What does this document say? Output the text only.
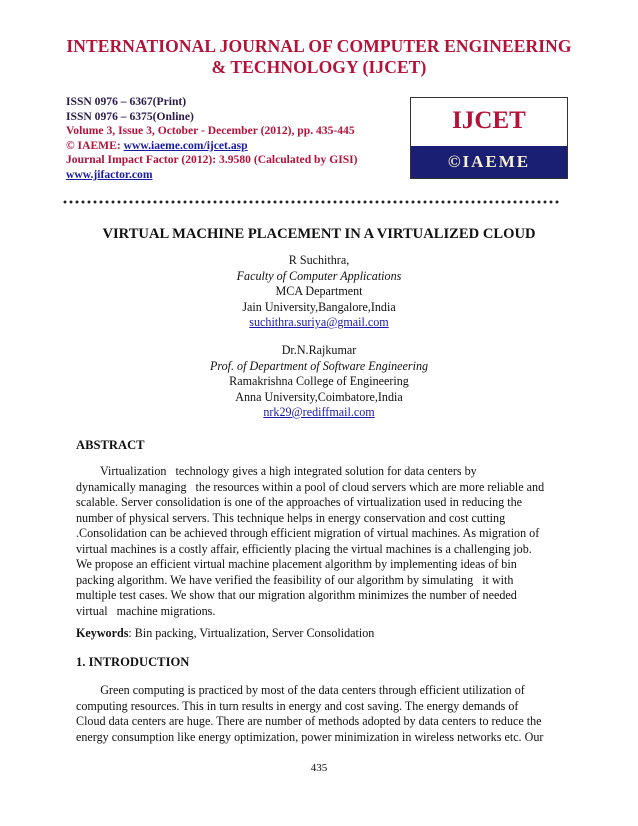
INTERNATIONAL JOURNAL OF COMPUTER ENGINEERING
& TECHNOLOGY (IJCET)
ISSN 0976 – 6367(Print)
ISSN 0976 – 6375(Online)
Volume 3, Issue 3, October - December (2012), pp. 435-445
© IAEME: www.iaeme.com/ijcet.asp
Journal Impact Factor (2012): 3.9580 (Calculated by GISI)
www.jifactor.com
IJCET
©IAEME
VIRTUAL MACHINE PLACEMENT IN A VIRTUALIZED CLOUD
R Suchithra,
Faculty of Computer Applications
MCA Department
Jain University,Bangalore,India
suchithra.suriya@gmail.com
Dr.N.Rajkumar
Prof. of Department of Software Engineering
Ramakrishna College of Engineering
Anna University,Coimbatore,India
nrk29@rediffmail.com
ABSTRACT
Virtualization   technology gives a high integrated solution for data centers by
dynamically managing   the resources within a pool of cloud servers which are more reliable and
scalable. Server consolidation is one of the approaches of virtualization used in reducing the
number of physical servers. This technique helps in energy conservation and cost cutting
.Consolidation can be achieved through efficient migration of virtual machines. As migration of
virtual machines is a costly affair, efficiently placing the virtual machines is a challenging job.
We propose an efficient virtual machine placement algorithm by implementing ideas of bin
packing algorithm. We have verified the feasibility of our algorithm by simulating   it with
multiple test cases. We show that our migration algorithm minimizes the number of needed
virtual   machine migrations.
Keywords: Bin packing, Virtualization, Server Consolidation
1. INTRODUCTION
Green computing is practiced by most of the data centers through efficient utilization of
computing resources. This in turn results in energy and cost saving. The energy demands of
Cloud data centers are huge. There are number of methods adopted by data centers to reduce the
energy consumption like energy optimization, power minimization in wireless networks etc. Our
435
